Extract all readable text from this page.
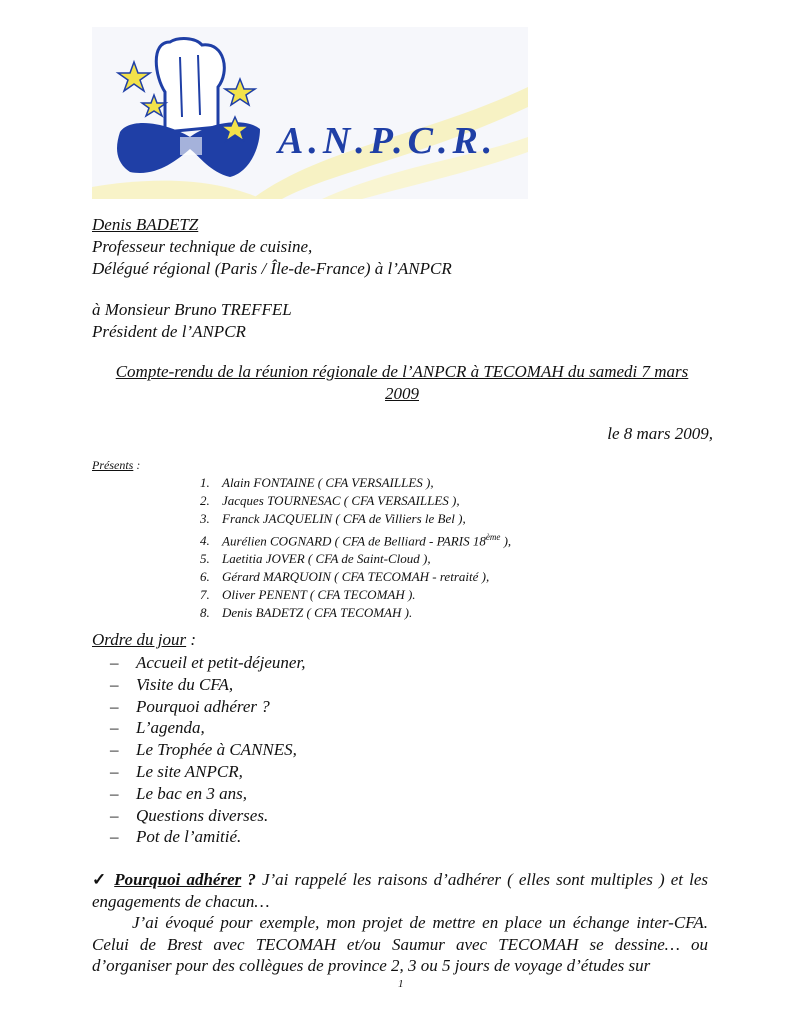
A.N.P.C.R.
Denis BADETZ
Professeur technique de cuisine,
Délégué régional (Paris / Île-de-France) à l’ANPCR
à Monsieur Bruno TREFFEL
Président de l’ANPCR
Compte-rendu de la réunion régionale de l’ANPCR à TECOMAH du samedi 7 mars
2009
le 8 mars 2009,
Présents :
1. Alain FONTAINE ( CFA VERSAILLES ),
2. Jacques TOURNESAC ( CFA VERSAILLES ),
3. Franck JACQUELIN ( CFA de Villiers le Bel ),
4. Aurélien COGNARD ( CFA de Belliard - PARIS 18ème ),
5. Laetitia JOVER ( CFA de Saint-Cloud ),
6. Gérard MARQUOIN ( CFA TECOMAH - retraité ),
7. Oliver PENENT ( CFA TECOMAH ).
8. Denis BADETZ ( CFA TECOMAH ).
Ordre du jour :
– Accueil et petit-déjeuner,
– Visite du CFA,
– Pourquoi adhérer ?
– L’agenda,
– Le Trophée à CANNES,
– Le site ANPCR,
– Le bac en 3 ans,
– Questions diverses.
– Pot de l’amitié.

✓ Pourquoi adhérer ? J’ai rappelé les raisons d’adhérer ( elles sont multiples ) et les engagements de chacun…

J’ai évoqué pour exemple, mon projet de mettre en place un échange inter-CFA. Celui de Brest avec TECOMAH et/ou Saumur avec TECOMAH se dessine… ou d’organiser pour des collègues de province 2, 3 ou 5 jours de voyage d’études sur

1
